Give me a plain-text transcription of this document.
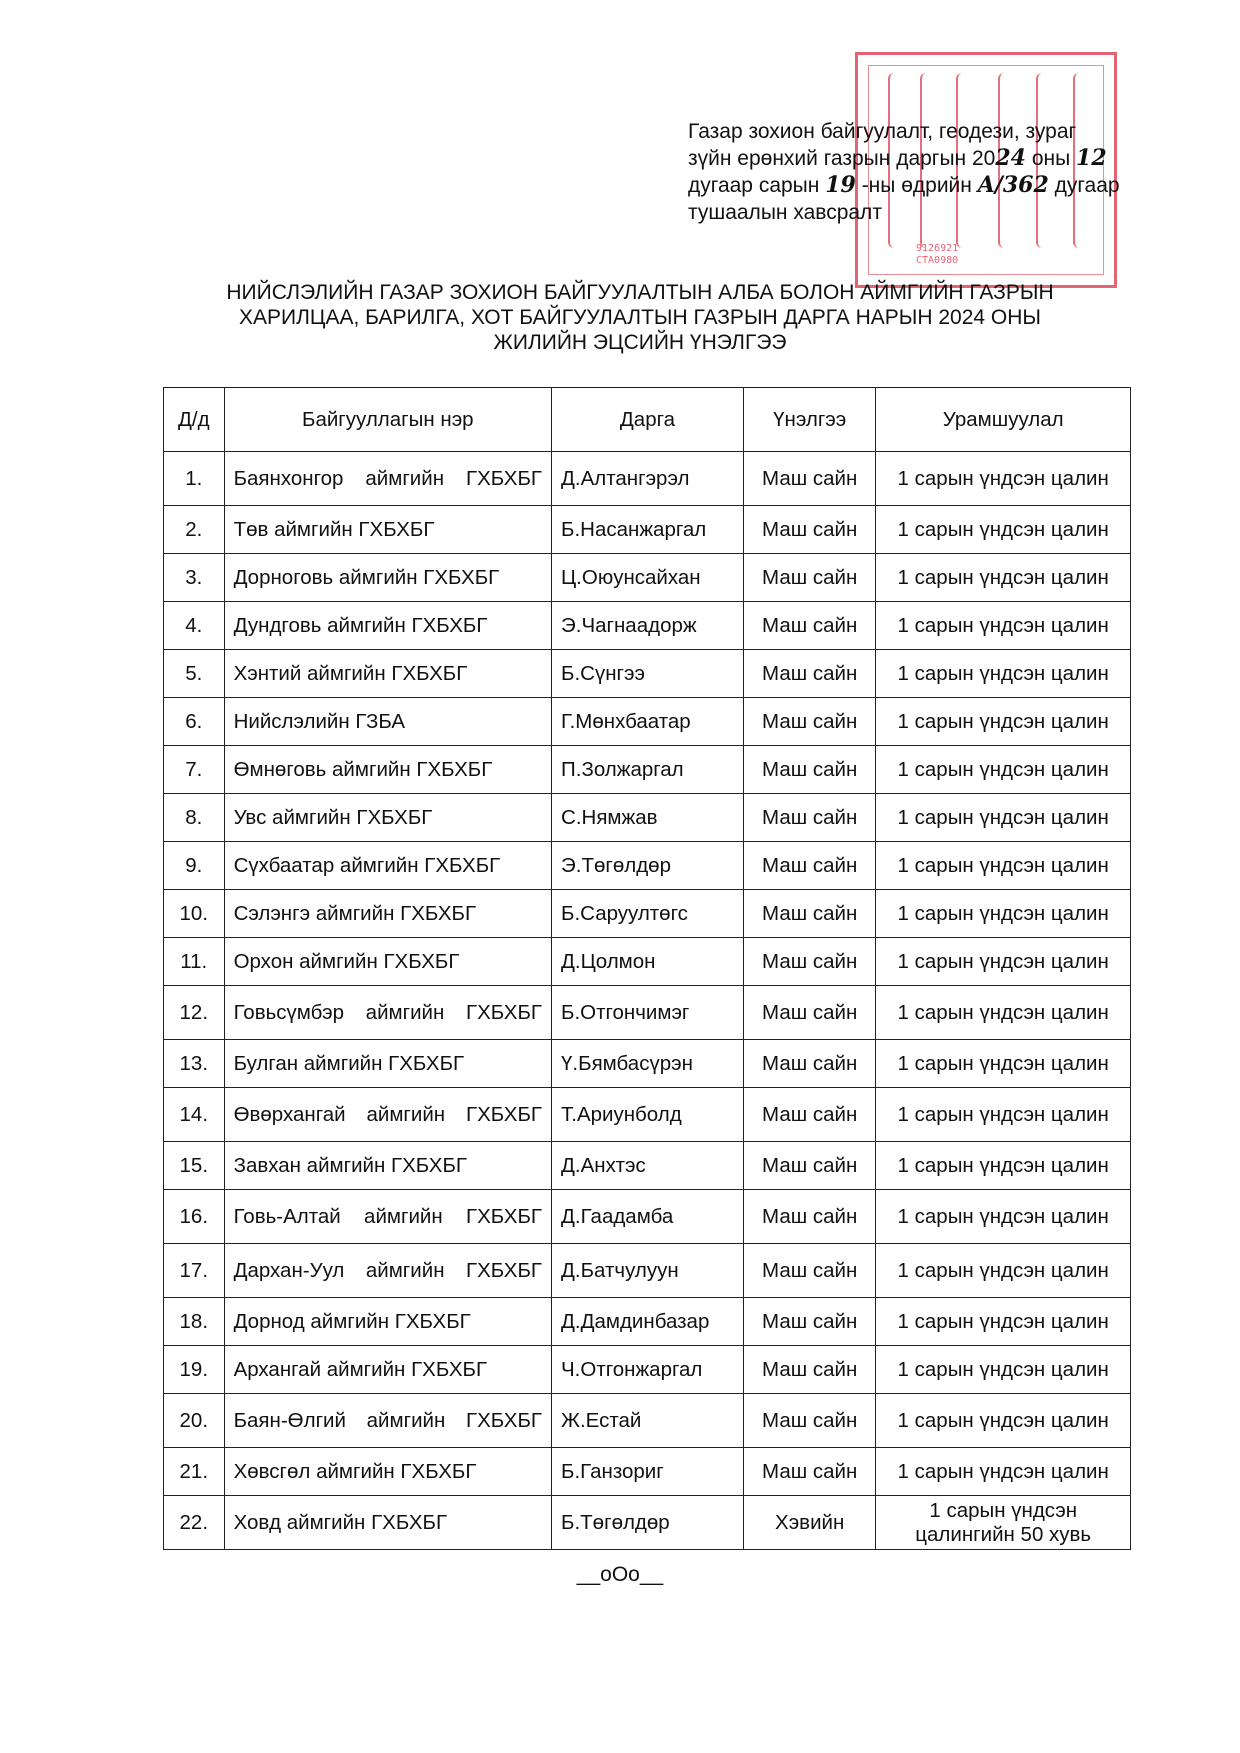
9126921
СТА0980
Газар зохион байгуулалт, геодези, зураг
зүйн ерөнхий газрын даргын 2024 оны 12
дугаар сарын 19 -ны өдрийн A/362 дугаар
тушаалын хавсралт
НИЙСЛЭЛИЙН ГАЗАР ЗОХИОН БАЙГУУЛАЛТЫН АЛБА БОЛОН АЙМГИЙН ГАЗРЫН
ХАРИЛЦАА, БАРИЛГА, ХОТ БАЙГУУЛАЛТЫН ГАЗРЫН ДАРГА НАРЫН 2024 ОНЫ
ЖИЛИЙН ЭЦСИЙН ҮНЭЛГЭЭ
Д/д	Байгууллагын нэр	Дарга	Үнэлгээ	Урамшуулал
1.	Баянхонгор аймгийн ГХБХБГ	Д.Алтангэрэл	Маш сайн	1 сарын үндсэн цалин
2.	Төв аймгийн ГХБХБГ	Б.Насанжаргал	Маш сайн	1 сарын үндсэн цалин
3.	Дорноговь аймгийн ГХБХБГ	Ц.Оюунсайхан	Маш сайн	1 сарын үндсэн цалин
4.	Дундговь аймгийн ГХБХБГ	Э.Чагнаадорж	Маш сайн	1 сарын үндсэн цалин
5.	Хэнтий аймгийн ГХБХБГ	Б.Сүнгээ	Маш сайн	1 сарын үндсэн цалин
6.	Нийслэлийн ГЗБА	Г.Мөнхбаатар	Маш сайн	1 сарын үндсэн цалин
7.	Өмнөговь аймгийн ГХБХБГ	П.Золжаргал	Маш сайн	1 сарын үндсэн цалин
8.	Увс аймгийн ГХБХБГ	С.Нямжав	Маш сайн	1 сарын үндсэн цалин
9.	Сүхбаатар аймгийн ГХБХБГ	Э.Төгөлдөр	Маш сайн	1 сарын үндсэн цалин
10.	Сэлэнгэ аймгийн ГХБХБГ	Б.Саруултөгс	Маш сайн	1 сарын үндсэн цалин
11.	Орхон аймгийн ГХБХБГ	Д.Цолмон	Маш сайн	1 сарын үндсэн цалин
12.	Говьсүмбэр аймгийн ГХБХБГ	Б.Отгончимэг	Маш сайн	1 сарын үндсэн цалин
13.	Булган аймгийн ГХБХБГ	Ү.Бямбасүрэн	Маш сайн	1 сарын үндсэн цалин
14.	Өвөрхангай аймгийн ГХБХБГ	Т.Ариунболд	Маш сайн	1 сарын үндсэн цалин
15.	Завхан аймгийн ГХБХБГ	Д.Анхтэс	Маш сайн	1 сарын үндсэн цалин
16.	Говь-Алтай аймгийн ГХБХБГ	Д.Гаадамба	Маш сайн	1 сарын үндсэн цалин
17.	Дархан-Уул аймгийн ГХБХБГ	Д.Батчулуун	Маш сайн	1 сарын үндсэн цалин
18.	Дорнод аймгийн ГХБХБГ	Д.Дамдинбазар	Маш сайн	1 сарын үндсэн цалин
19.	Архангай аймгийн ГХБХБГ	Ч.Отгонжаргал	Маш сайн	1 сарын үндсэн цалин
20.	Баян-Өлгий аймгийн ГХБХБГ	Ж.Естай	Маш сайн	1 сарын үндсэн цалин
21.	Хөвсгөл аймгийн ГХБХБГ	Б.Ганзориг	Маш сайн	1 сарын үндсэн цалин
22.	Ховд аймгийн ГХБХБГ	Б.Төгөлдөр	Хэвийн	1 сарын үндсэн цалингийн 50 хувь
__oOo__
